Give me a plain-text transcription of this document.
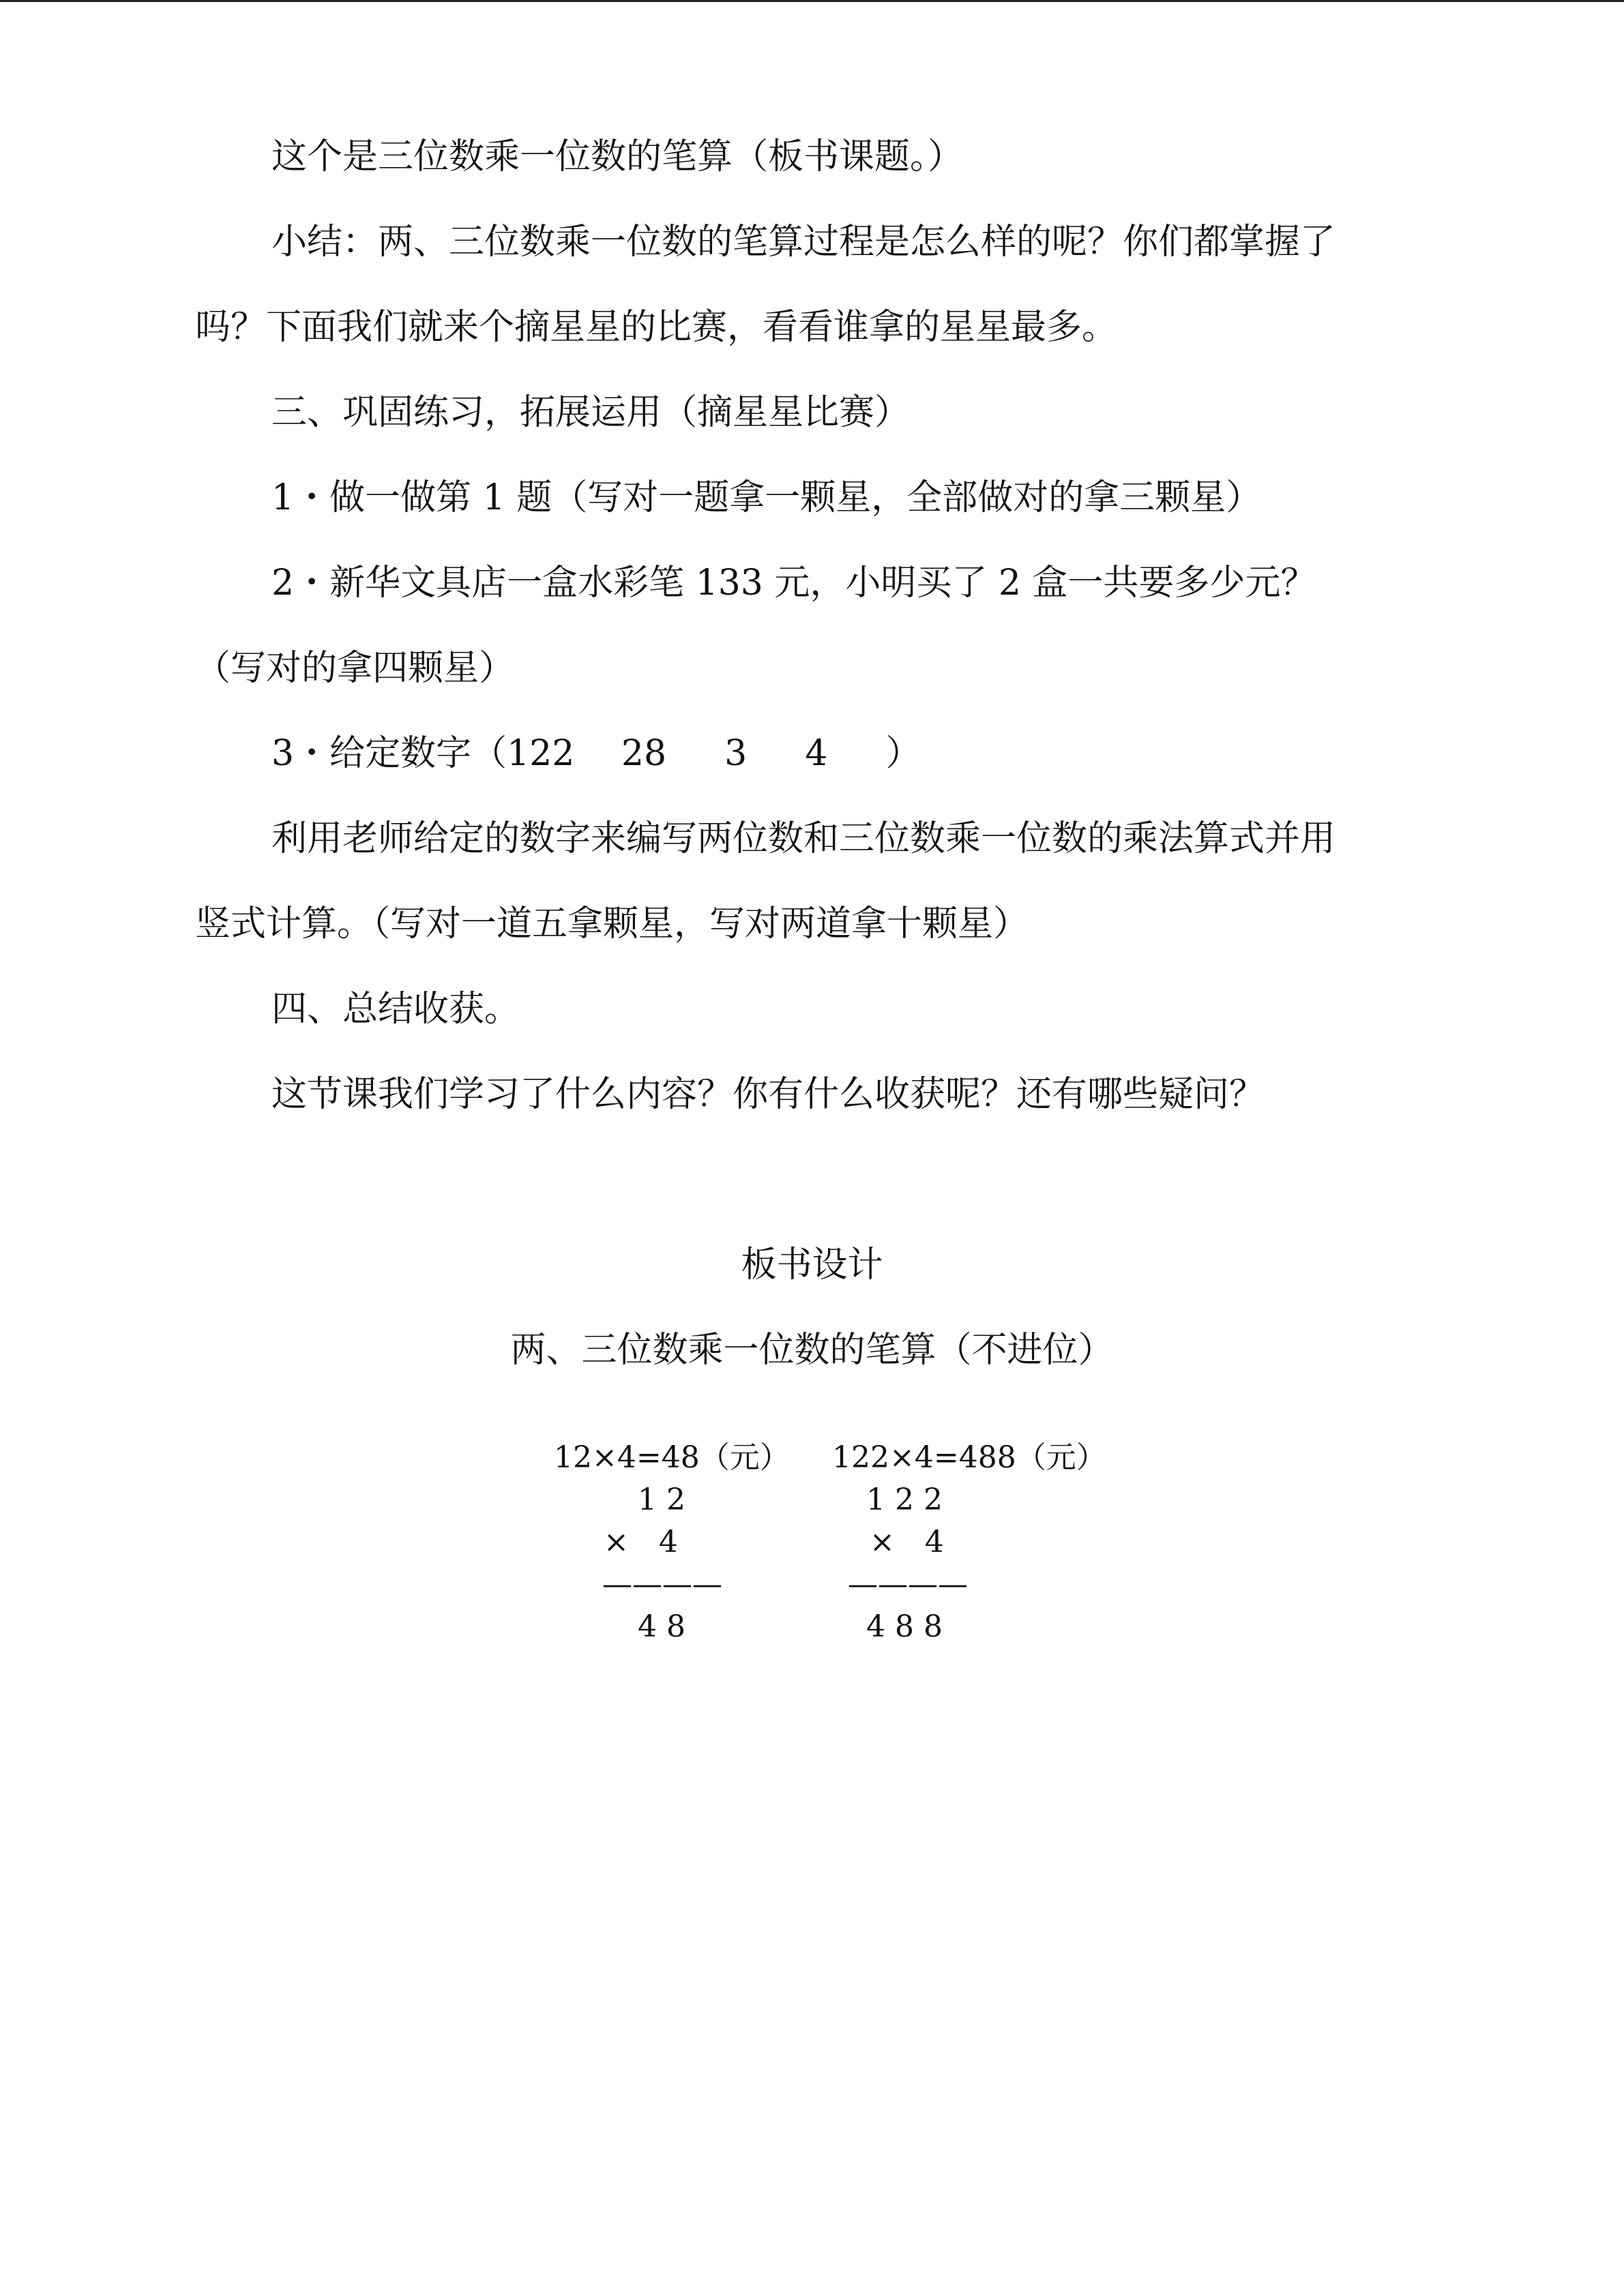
这个是三位数乘一位数的笔算（板书课题。）
小结：两、三位数乘一位数的笔算过程是怎么样的呢？你们都掌握了
吗？下面我们就来个摘星星的比赛，看看谁拿的星星最多。
三、巩固练习，拓展运用（摘星星比赛）
1・做一做第 1 题（写对一题拿一颗星，全部做对的拿三颗星）
2・新华文具店一盒水彩笔 133 元，小明买了 2 盒一共要多少元？
（写对的拿四颗星）
3・给定数字（122　 28 　 3 　 4 　 ）
利用老师给定的数字来编写两位数和三位数乘一位数的乘法算式并用
竖式计算。（写对一道五拿颗星，写对两道拿十颗星）
四、总结收获。
这节课我们学习了什么内容？你有什么收获呢？还有哪些疑问？
板书设计
两、三位数乘一位数的笔算（不进位）
12×4=48（元）
1 2
×　4
————
4 8
122×4=488（元）
1 2 2
×　4
————
4 8 8
